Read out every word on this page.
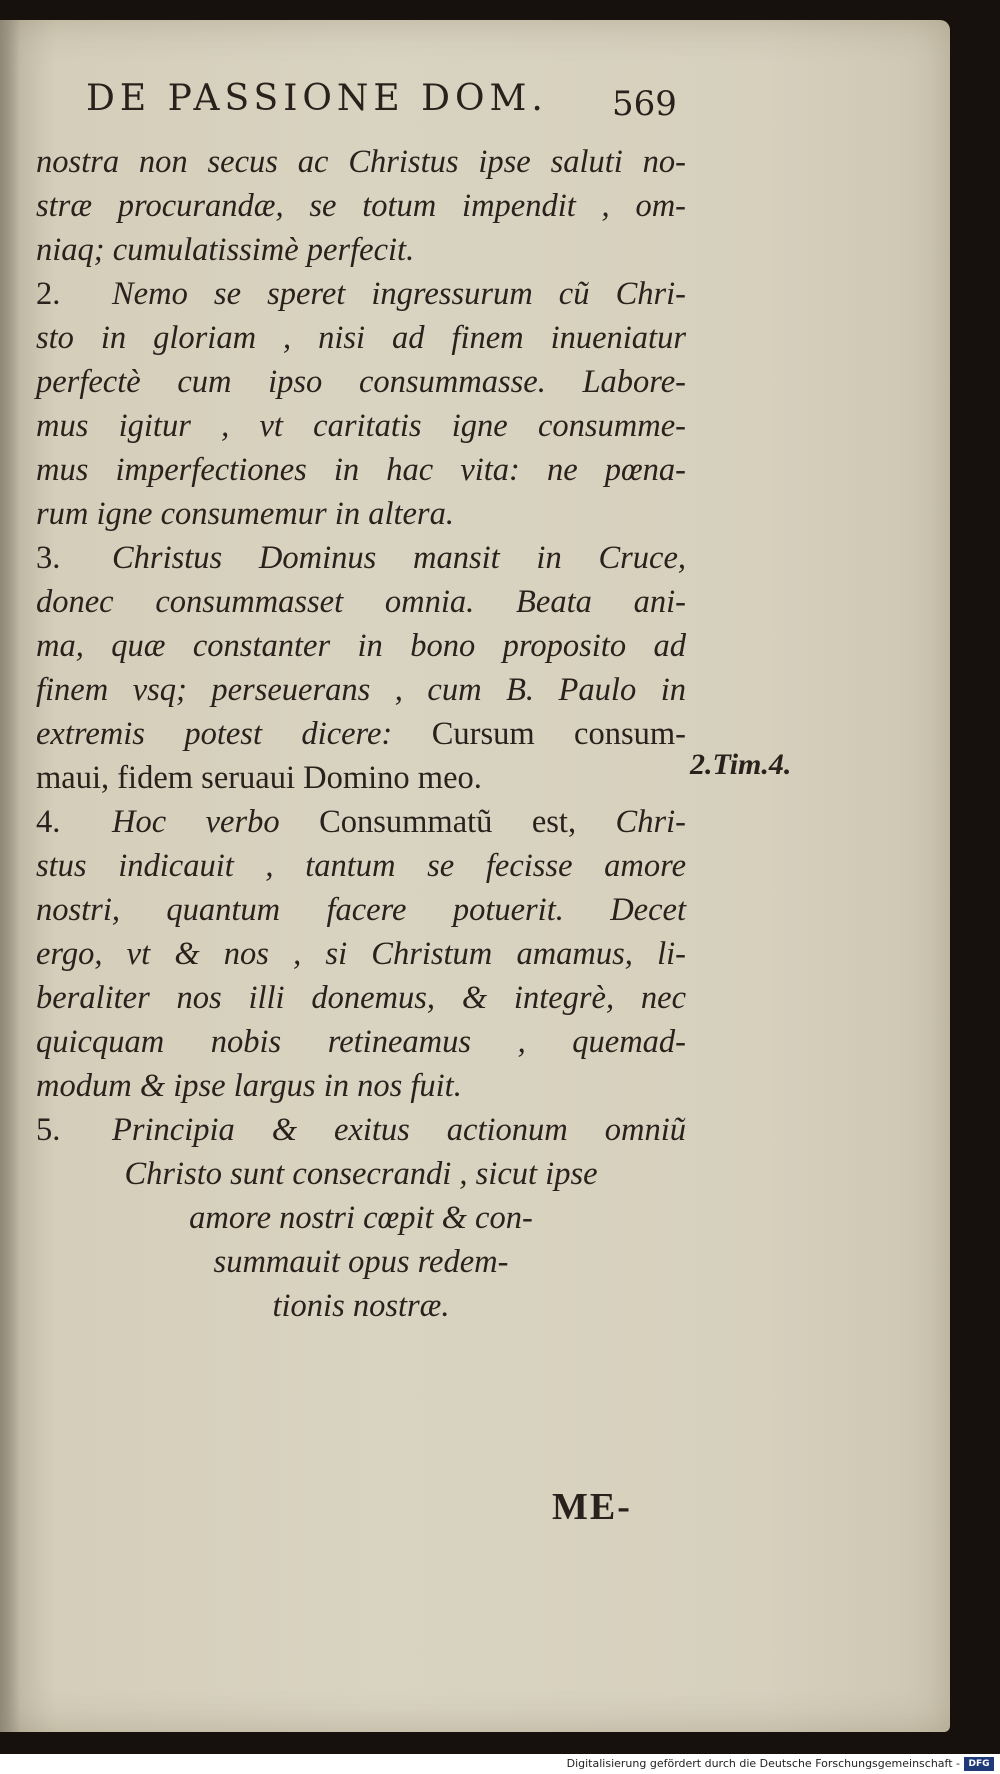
DE PASSIONE DOM.	569
nostra non secus ac Christus ipse saluti no-
stræ procurandæ, se totum impendit , om-
niaq; cumulatissimè perfecit.
2. Nemo se speret ingressurum cũ Chri-
sto in gloriam , nisi ad finem inueniatur
perfectè cum ipso consummasse. Labore-
mus igitur , vt caritatis igne consumme-
mus imperfectiones in hac vita: ne pœna-
rum igne consumemur in altera.
3. Christus Dominus mansit in Cruce,
donec consummasset omnia. Beata ani-
ma, quæ constanter in bono proposito ad
finem vsq; perseuerans , cum B. Paulo in
extremis potest dicere: Cursum consum-
maui, fidem seruaui Domino meo.
4. Hoc verbo Consummatũ est, Chri-
stus indicauit , tantum se fecisse amore
nostri, quantum facere potuerit. Decet
ergo, vt & nos , si Christum amamus, li-
beraliter nos illi donemus, & integrè, nec
quicquam nobis retineamus , quemad-
modum & ipse largus in nos fuit.
5. Principia & exitus actionum omniũ
Christo sunt consecrandi , sicut ipse
amore nostri cœpit & con-
summauit opus redem-
tionis nostræ.
2.Tim.4.
ME-
Digitalisierung gefördert durch die Deutsche Forschungsgemeinschaft - DFG
